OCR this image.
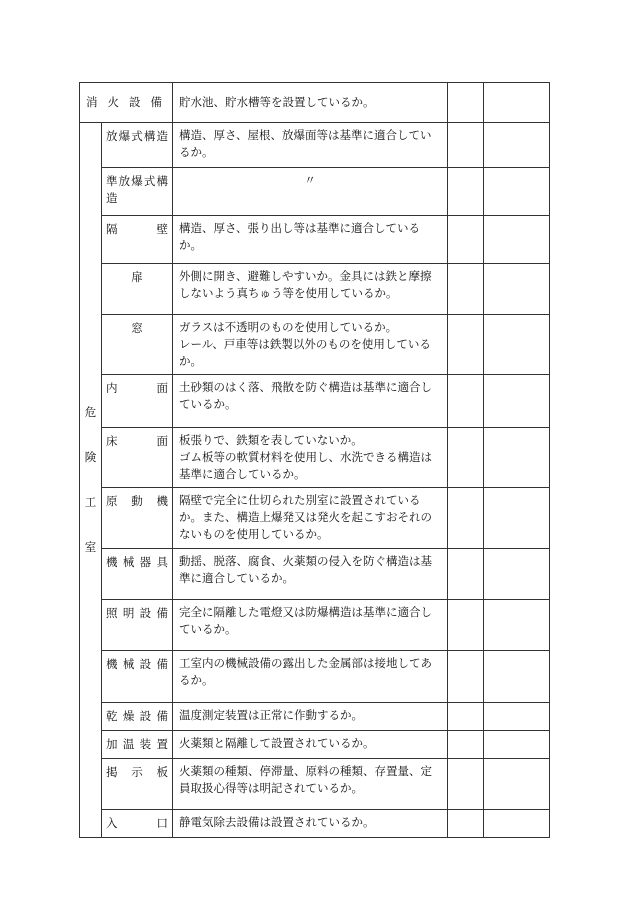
消火設備		貯水池、貯水槽等を設置しているか。		

危
険
工
室	放爆式構造	構造、厚さ、屋根、放爆面等は基準に適合しているか。		

	準放爆式構造	〃		

	隔　　　壁	構造、厚さ、張り出し等は基準に適合しているか。		

	扉	外側に開き、避難しやすいか。金具には鉄と摩擦しないよう真ちゅう等を使用しているか。		

	窓	ガラスは不透明のものを使用しているか。

レール、戸車等は鉄製以外のものを使用しているか。		

	内　　　面	土砂類のはく落、飛散を防ぐ構造は基準に適合しているか。		

	床　　　面	板張りで、鉄類を表していないか。

ゴム板等の軟質材料を使用し、水洗できる構造は基準に適合しているか。		

	原　動　機	隔壁で完全に仕切られた別室に設置されているか。また、構造上爆発又は発火を起こすおそれのないものを使用しているか。		

	機械器具	動揺、脱落、腐食、火薬類の侵入を防ぐ構造は基準に適合しているか。		

	照明設備	完全に隔離した電燈又は防爆構造は基準に適合しているか。		

	機械設備	工室内の機械設備の露出した金属部は接地してあるか。		

	乾燥設備	温度測定装置は正常に作動するか。		

	加温装置	火薬類と隔離して設置されているか。		

	掲　示　板	火薬類の種類、停滞量、原料の種類、存置量、定員取扱心得等は明記されているか。		

	入　　　口	静電気除去設備は設置されているか。		
